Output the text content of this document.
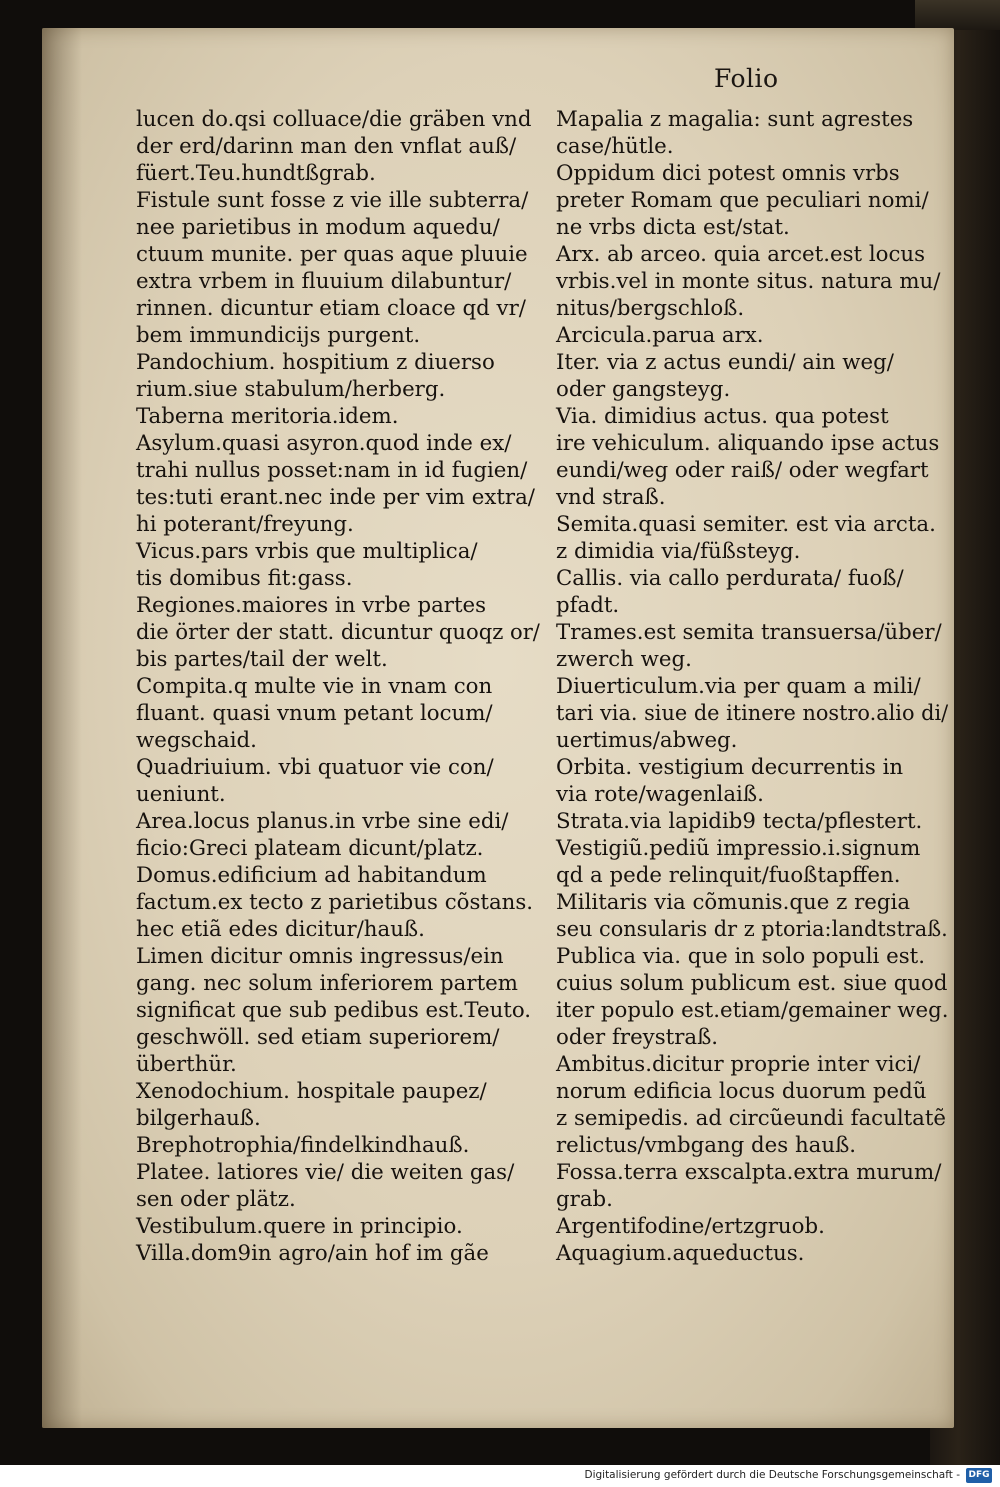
Folio
lucen do.qsi colluace/die gräben vnd
der erd/darinn man den vnflat auß/
füert.Teu.hundtßgrab.
Fistule sunt fosse z vie ille subterra/
nee parietibus in modum aquedu/
ctuum munite. per quas aque pluuie
extra vrbem in fluuium dilabuntur/
rinnen. dicuntur etiam cloace qd vr/
bem immundicijs purgent.
Pandochium. hospitium z diuerso
rium.siue stabulum/herberg.
Taberna meritoria.idem.
Asylum.quasi asyron.quod inde ex/
trahi nullus posset:nam in id fugien/
tes:tuti erant.nec inde per vim extra/
hi poterant/freyung.
Vicus.pars vrbis que multiplica/
tis domibus fit:gass.
Regiones.maiores in vrbe partes
die örter der statt. dicuntur quoqz or/
bis partes/tail der welt.
Compita.q multe vie in vnam con
fluant. quasi vnum petant locum/
wegschaid.
Quadriuium. vbi quatuor vie con/
ueniunt.
Area.locus planus.in vrbe sine edi/
ficio:Greci plateam dicunt/platz.
Domus.edificium ad habitandum
factum.ex tecto z parietibus cõstans.
hec etiã edes dicitur/hauß.
Limen dicitur omnis ingressus/ein
gang. nec solum inferiorem partem
significat que sub pedibus est.Teuto.
geschwöll. sed etiam superiorem/
überthür.
Xenodochium. hospitale paupez/
bilgerhauß.
Brephotrophia/findelkindhauß.
Platee. latiores vie/ die weiten gas/
sen oder plätz.
Vestibulum.quere in principio.
Villa.dom9in agro/ain hof im gãe
Mapalia z magalia: sunt agrestes
case/hütle.
Oppidum dici potest omnis vrbs
preter Romam que peculiari nomi/
ne vrbs dicta est/stat.
Arx. ab arceo. quia arcet.est locus
vrbis.vel in monte situs. natura mu/
nitus/bergschloß.
Arcicula.parua arx.
Iter. via z actus eundi/ ain weg/
oder gangsteyg.
Via. dimidius actus. qua potest
ire vehiculum. aliquando ipse actus
eundi/weg oder raiß/ oder wegfart
vnd straß.
Semita.quasi semiter. est via arcta.
z dimidia via/füßsteyg.
Callis. via callo perdurata/ fuoß/
pfadt.
Trames.est semita transuersa/über/
zwerch weg.
Diuerticulum.via per quam a mili/
tari via. siue de itinere nostro.alio di/
uertimus/abweg.
Orbita. vestigium decurrentis in
via rote/wagenlaiß.
Strata.via lapidib9 tecta/pflestert.
Vestigiũ.pediũ impressio.i.signum
qd a pede relinquit/fuoßtapffen.
Militaris via cõmunis.que z regia
seu consularis dr z ptoria:landtstraß.
Publica via. que in solo populi est.
cuius solum publicum est. siue quod
iter populo est.etiam/gemainer weg.
oder freystraß.
Ambitus.dicitur proprie inter vici/
norum edificia locus duorum pedũ
z semipedis. ad circũeundi facultatẽ
relictus/vmbgang des hauß.
Fossa.terra exscalpta.extra murum/
grab.
Argentifodine/ertzgruob.
Aquagium.aqueductus.
Digitalisierung gefördert durch die Deutsche Forschungsgemeinschaft - DFG
